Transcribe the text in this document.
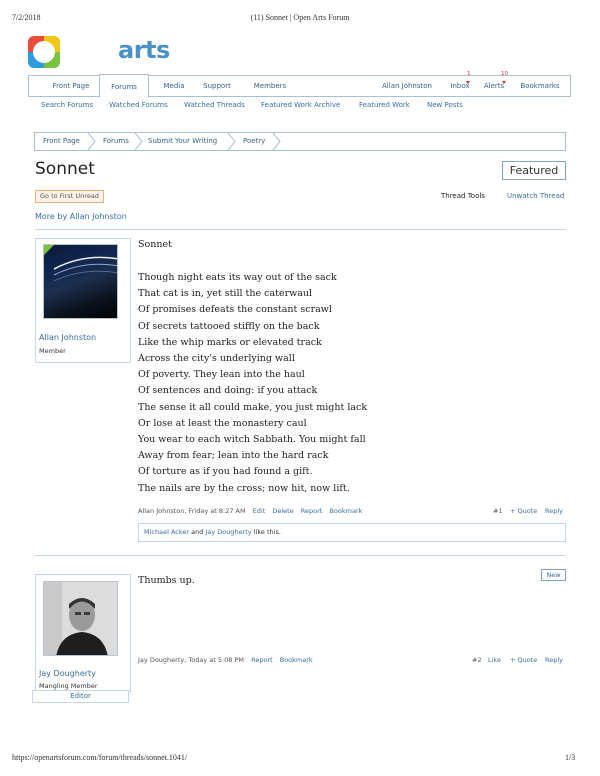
7/2/2018	(11) Sonnet | Open Arts Forum
https://openartsforum.com/forum/threads/sonnet.1041/	1/3
arts
Front Page	Forums	Media	Support	Members	Allan Johnston	Inbox
1
Alerts
10
Bookmarks
Search Forums Watched Forums Watched Threads Featured Work Archive	Featured Work New Posts
Front Page	Forums	Submit Your Writing	Poetry
Sonnet	Featured
Go to First Unread	Thread Tools	Unwatch Thread
More by Allan Johnston
Allan Johnston
Member
Sonnet
Though night eats its way out of the sack
That cat is in, yet still the caterwaul
Of promises defeats the constant scrawl
Of secrets tattooed stiffly on the back
Like the whip marks or elevated track
Across the city's underlying wall
Of poverty. They lean into the haul
Of sentences and doing: if you attack
The sense it all could make, you just might lack
Or lose at least the monastery caul
You wear to each witch Sabbath. You might fall
Away from fear; lean into the hard rack
Of torture as if you had found a gift.
The nails are by the cross; now hit, now lift.
Allan Johnston, Friday at 8:27 AM Edit Delete Report Bookmark	#1 + Quote Reply
Michael Acker and Jay Dougherty like this.
Jay Dougherty
Mangling Member
Editor
Thumbs up.	New
Jay Dougherty, Today at 5:08 PM Report Bookmark	#2 Like + Quote Reply
